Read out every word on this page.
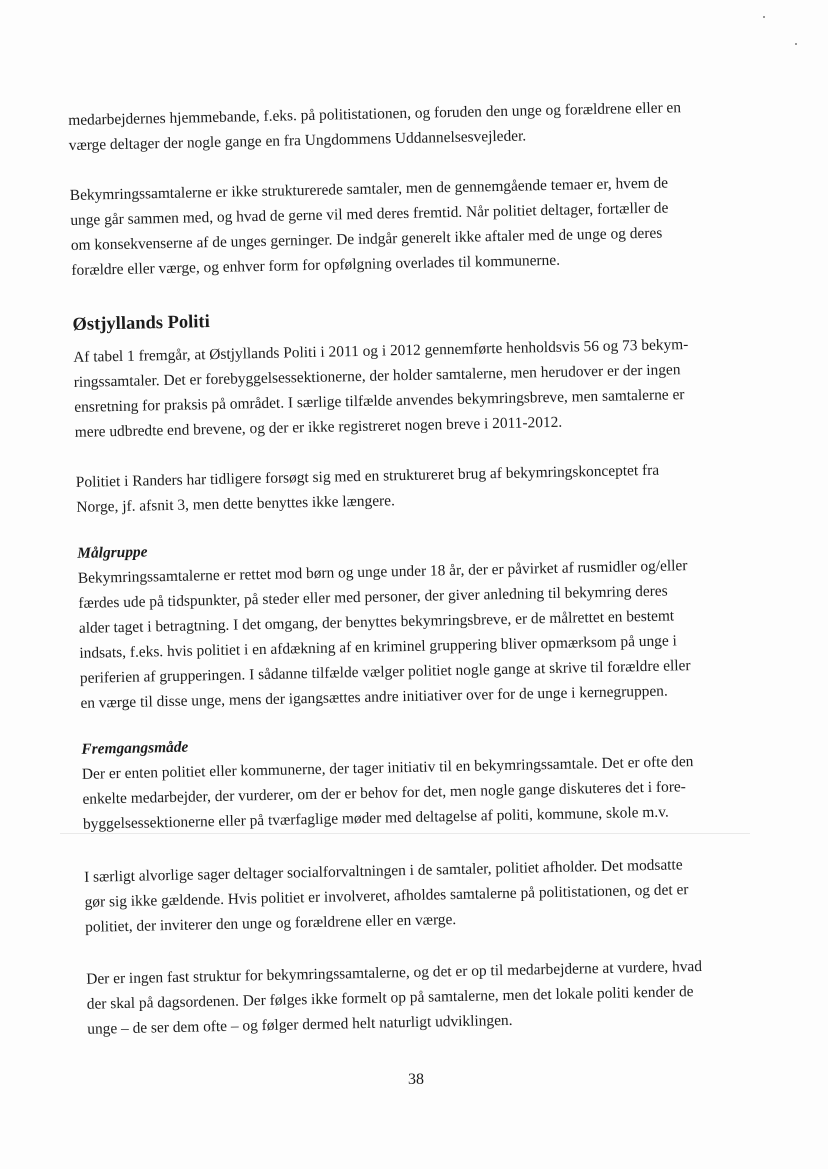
medarbejdernes hjemmebande, f.eks. på politistationen, og foruden den unge og forældrene eller en
værge deltager der nogle gange en fra Ungdommens Uddannelsesvejleder.

Bekymringssamtalerne er ikke strukturerede samtaler, men de gennemgående temaer er, hvem de
unge går sammen med, og hvad de gerne vil med deres fremtid. Når politiet deltager, fortæller de
om konsekvenserne af de unges gerninger. De indgår generelt ikke aftaler med de unge og deres
forældre eller værge, og enhver form for opfølgning overlades til kommunerne.

Østjyllands Politi

Af tabel 1 fremgår, at Østjyllands Politi i 2011 og i 2012 gennemførte henholdsvis 56 og 73 bekym-
ringssamtaler. Det er forebyggelsessektionerne, der holder samtalerne, men herudover er der ingen
ensretning for praksis på området. I særlige tilfælde anvendes bekymringsbreve, men samtalerne er
mere udbredte end brevene, og der er ikke registreret nogen breve i 2011-2012.

Politiet i Randers har tidligere forsøgt sig med en struktureret brug af bekymringskonceptet fra
Norge, jf. afsnit 3, men dette benyttes ikke længere.

Målgruppe

Bekymringssamtalerne er rettet mod børn og unge under 18 år, der er påvirket af rusmidler og/eller
færdes ude på tidspunkter, på steder eller med personer, der giver anledning til bekymring deres
alder taget i betragtning. I det omgang, der benyttes bekymringsbreve, er de målrettet en bestemt
indsats, f.eks. hvis politiet i en afdækning af en kriminel gruppering bliver opmærksom på unge i
periferien af grupperingen. I sådanne tilfælde vælger politiet nogle gange at skrive til forældre eller
en værge til disse unge, mens der igangsættes andre initiativer over for de unge i kernegruppen.

Fremgangsmåde

Der er enten politiet eller kommunerne, der tager initiativ til en bekymringssamtale. Det er ofte den
enkelte medarbejder, der vurderer, om der er behov for det, men nogle gange diskuteres det i fore-
byggelsessektionerne eller på tværfaglige møder med deltagelse af politi, kommune, skole m.v.

I særligt alvorlige sager deltager socialforvaltningen i de samtaler, politiet afholder. Det modsatte
gør sig ikke gældende. Hvis politiet er involveret, afholdes samtalerne på politistationen, og det er
politiet, der inviterer den unge og forældrene eller en værge.

Der er ingen fast struktur for bekymringssamtalerne, og det er op til medarbejderne at vurdere, hvad
der skal på dagsordenen. Der følges ikke formelt op på samtalerne, men det lokale politi kender de
unge – de ser dem ofte – og følger dermed helt naturligt udviklingen.

38
